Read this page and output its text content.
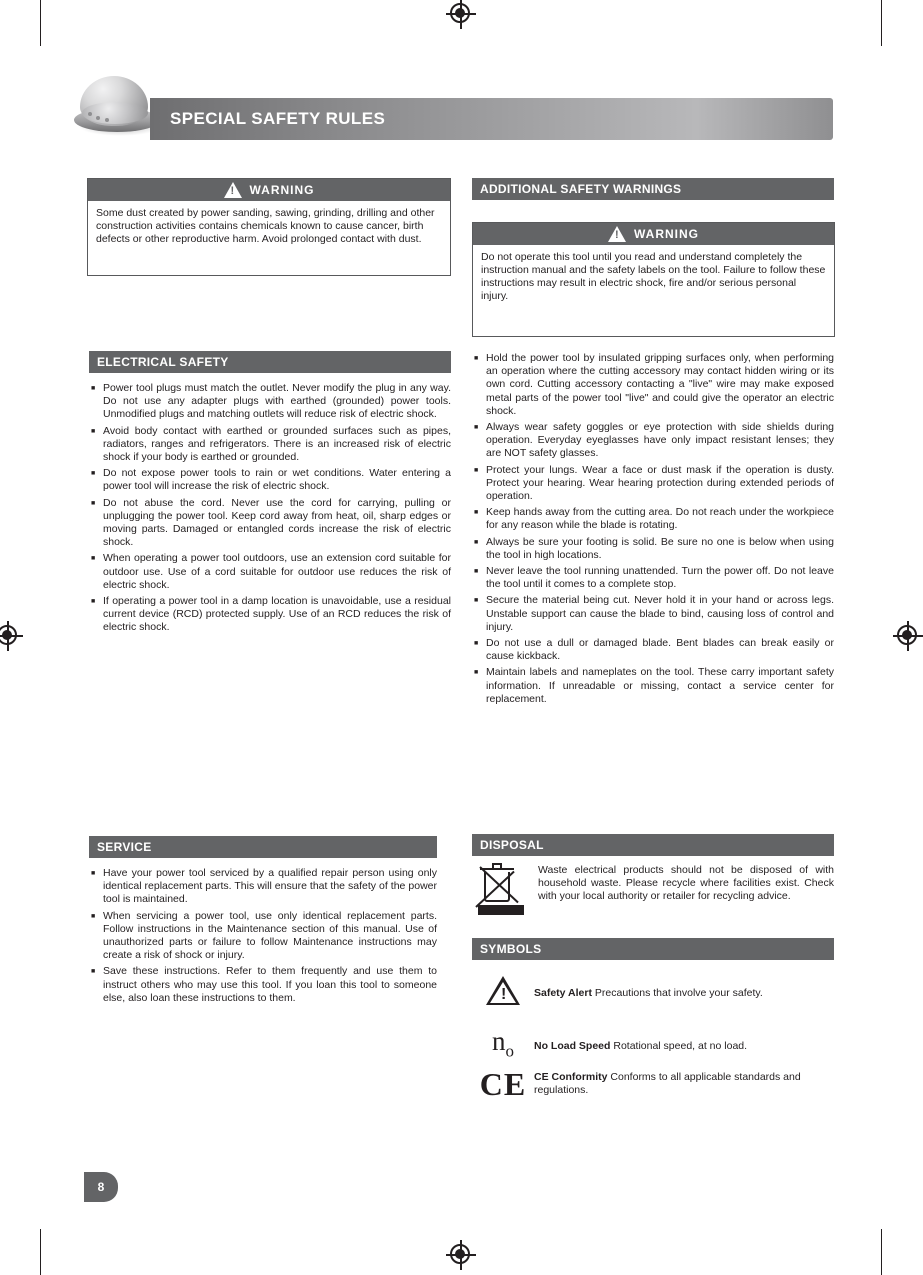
SPECIAL SAFETY RULES
! WARNING
Some dust created by power sanding, sawing, grinding, drilling and other construction activities contains chemicals known to cause cancer, birth defects or other reproductive harm. Avoid prolonged contact with dust.
ELECTRICAL SAFETY
■ Power tool plugs must match the outlet. Never modify the plug in any way. Do not use any adapter plugs with earthed (grounded) power tools. Unmodified plugs and matching outlets will reduce risk of electric shock.
■ Avoid body contact with earthed or grounded surfaces such as pipes, radiators, ranges and refrigerators. There is an increased risk of electric shock if your body is earthed or grounded.
■ Do not expose power tools to rain or wet conditions. Water entering a power tool will increase the risk of electric shock.
■ Do not abuse the cord. Never use the cord for carrying, pulling or unplugging the power tool. Keep cord away from heat, oil, sharp edges or moving parts. Damaged or entangled cords increase the risk of electric shock.
■ When operating a power tool outdoors, use an extension cord suitable for outdoor use. Use of a cord suitable for outdoor use reduces the risk of electric shock.
■ If operating a power tool in a damp location is unavoidable, use a residual current device (RCD) protected supply. Use of an RCD reduces the risk of electric shock.
SERVICE
■ Have your power tool serviced by a qualified repair person using only identical replacement parts. This will ensure that the safety of the power tool is maintained.
■ When servicing a power tool, use only identical replacement parts. Follow instructions in the Maintenance section of this manual. Use of unauthorized parts or failure to follow Maintenance instructions may create a risk of shock or injury.
■ Save these instructions. Refer to them frequently and use them to instruct others who may use this tool. If you loan this tool to someone else, also loan these instructions to them.
ADDITIONAL SAFETY WARNINGS
! WARNING
Do not operate this tool until you read and understand completely the instruction manual and the safety labels on the tool. Failure to follow these instructions may result in electric shock, fire and/or serious personal injury.
■ Hold the power tool by insulated gripping surfaces only, when performing an operation where the cutting accessory may contact hidden wiring or its own cord. Cutting accessory contacting a "live" wire may make exposed metal parts of the power tool "live" and could give the operator an electric shock.
■ Always wear safety goggles or eye protection with side shields during operation. Everyday eyeglasses have only impact resistant lenses; they are NOT safety glasses.
■ Protect your lungs. Wear a face or dust mask if the operation is dusty. Protect your hearing. Wear hearing protection during extended periods of operation.
■ Keep hands away from the cutting area. Do not reach under the workpiece for any reason while the blade is rotating.
■ Always be sure your footing is solid. Be sure no one is below when using the tool in high locations.
■ Never leave the tool running unattended. Turn the power off. Do not leave the tool until it comes to a complete stop.
■ Secure the material being cut. Never hold it in your hand or across legs. Unstable support can cause the blade to bind, causing loss of control and injury.
■ Do not use a dull or damaged blade. Bent blades can break easily or cause kickback.
■ Maintain labels and nameplates on the tool. These carry important safety information. If unreadable or missing, contact a service center for replacement.
DISPOSAL
Waste electrical products should not be disposed of with household waste. Please recycle where facilities exist. Check with your local authority or retailer for recycling advice.
SYMBOLS
!	Safety Alert Precautions that involve your safety.
$n_o$	No Load Speed Rotational speed, at no load.
CE CE Conformity Conforms to all applicable standards and regulations.
8
